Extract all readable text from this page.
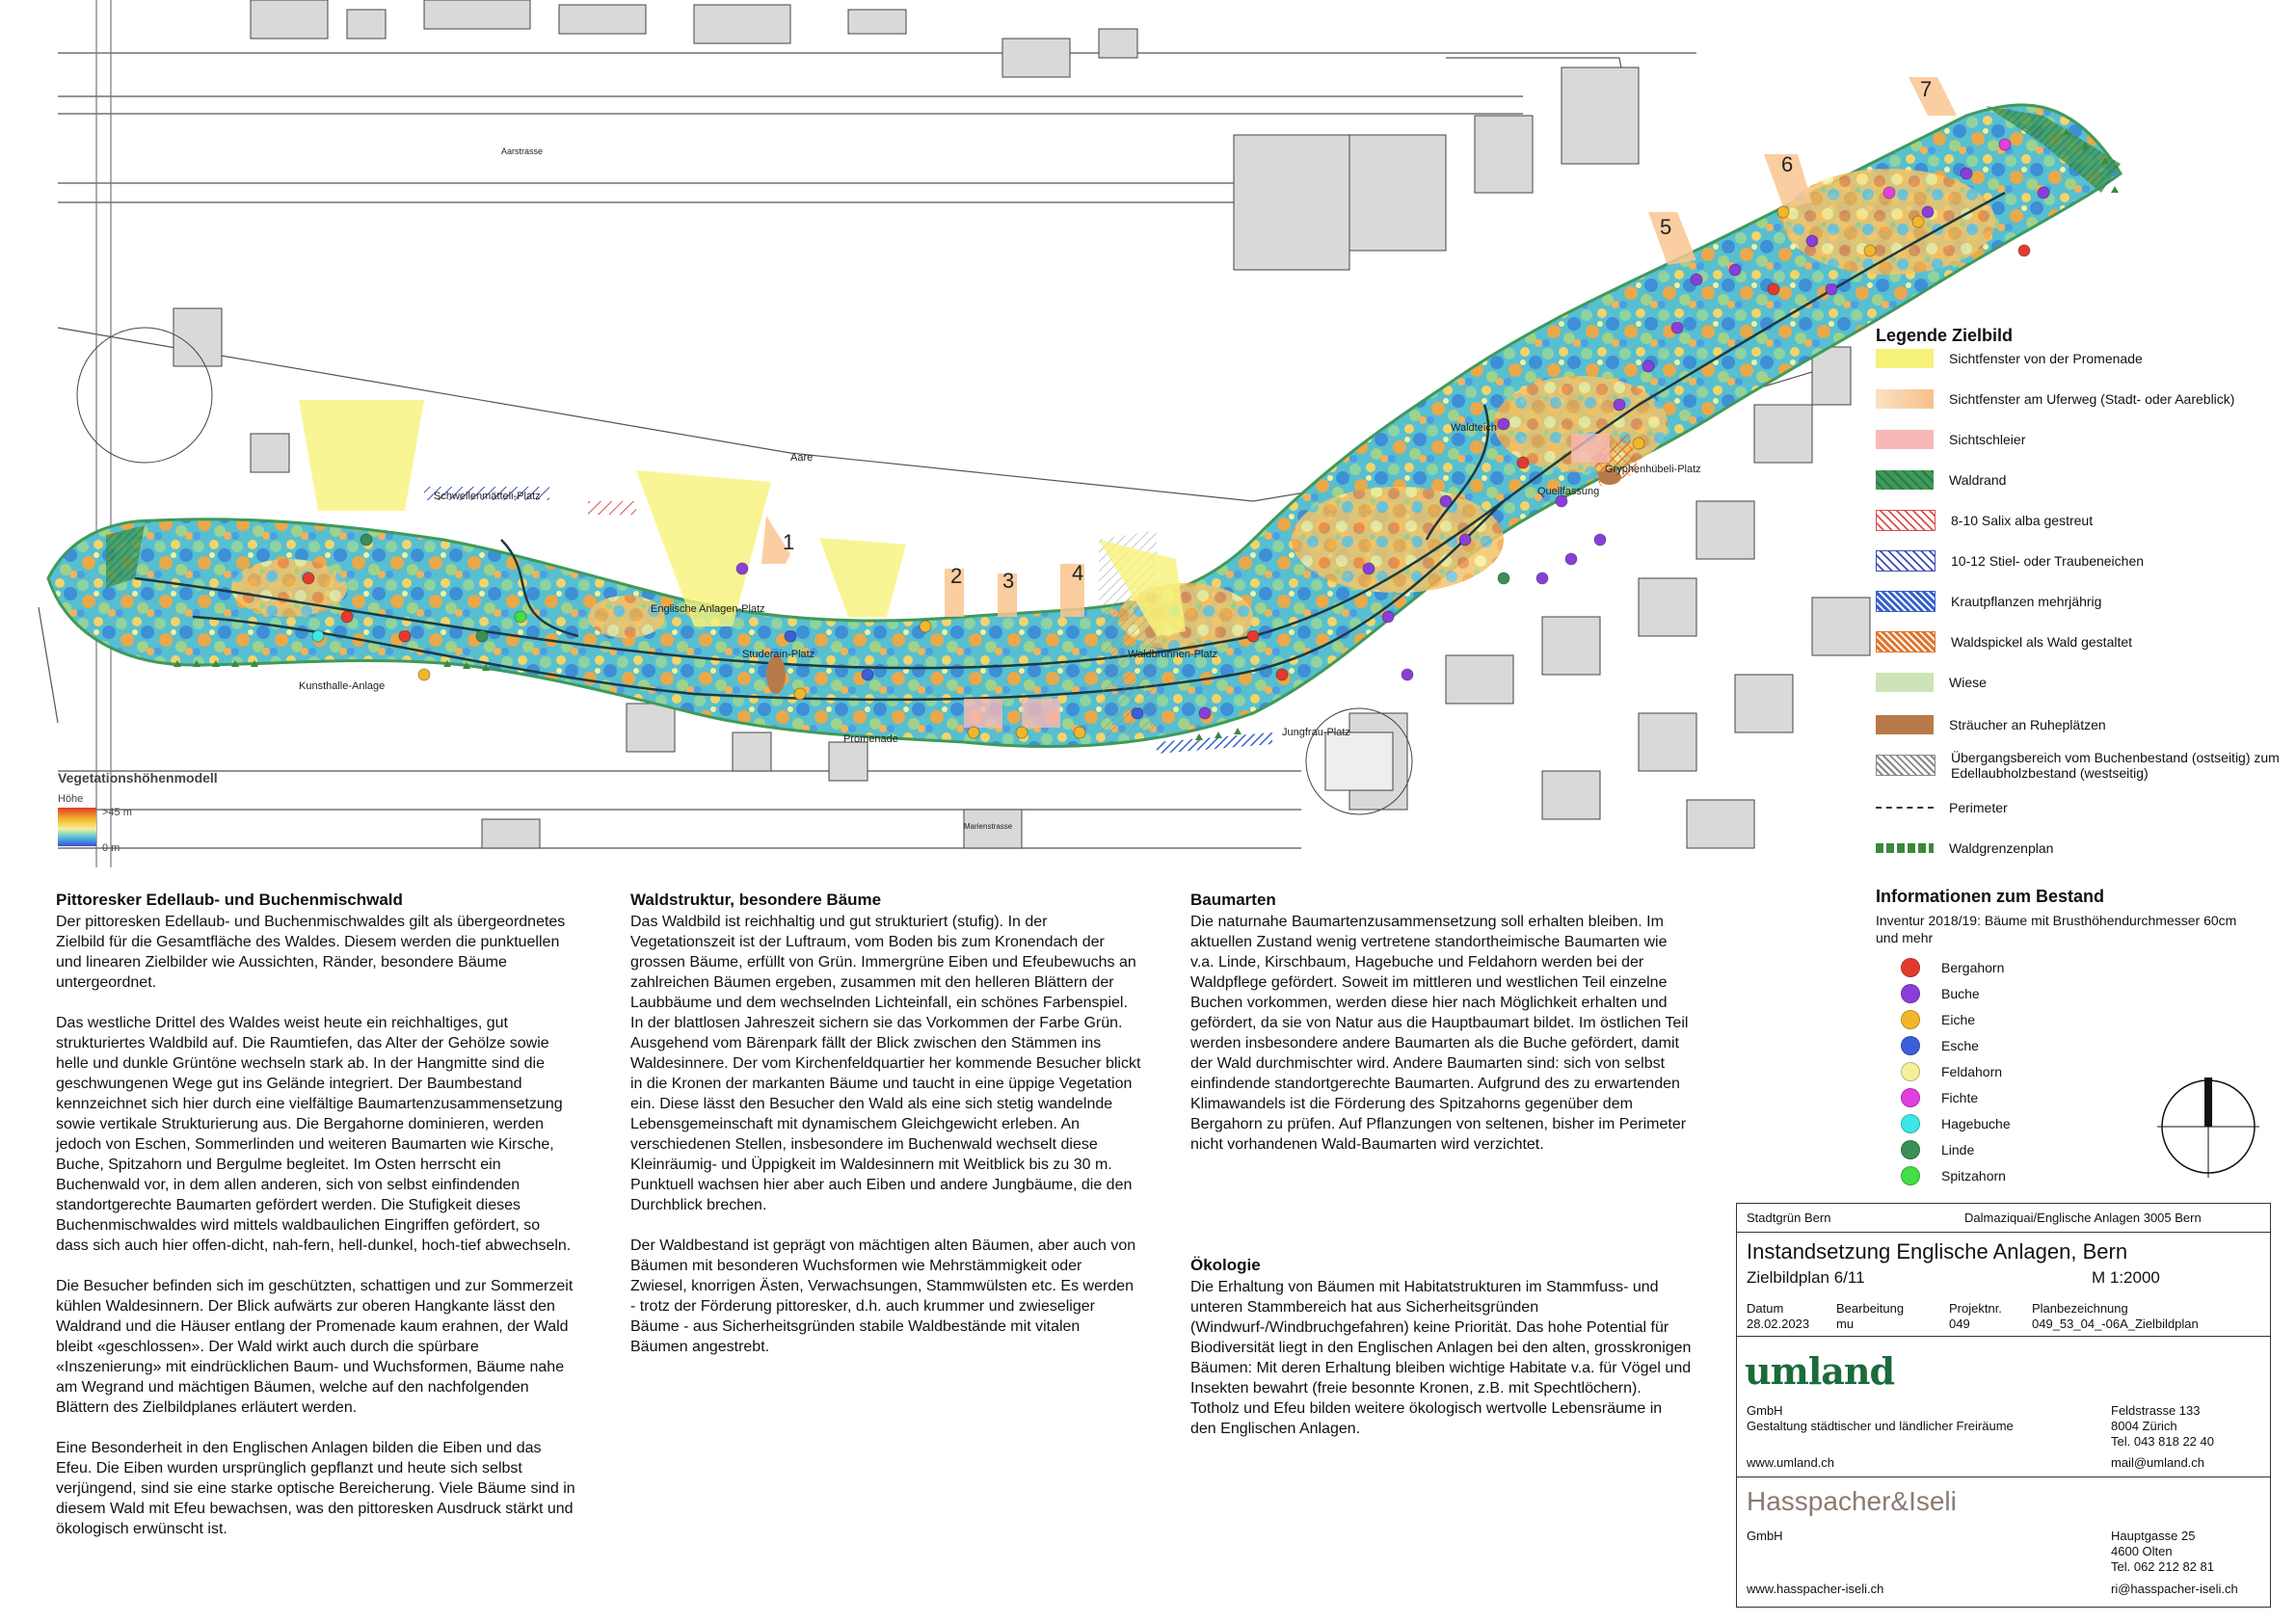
1
2 3	4
5
6
7
Aare
Aarstrasse
Schwellenmätteli-Platz
Englische Anlagen-Platz
Studerain-Platz
Kunsthalle-Anlage
Promenade
Waldbrunnen-Platz
Jungfrau-Platz
Waldteich
Quellfassung
Gryphenhübeli-Platz
Marienstrasse
Vegetationshöhenmodell
Höhe
>45 m
0 m
Legende Zielbild
Sichtfenster von der Promenade
Sichtfenster am Uferweg (Stadt- oder Aareblick)
Sichtschleier
Waldrand
8-10 Salix alba gestreut
10-12 Stiel- oder Traubeneichen
Krautpflanzen mehrjährig
Waldspickel als Wald gestaltet
Wiese
Sträucher an Ruheplätzen
Übergangsbereich vom Buchenbestand (ostseitig) zum Edellaubholzbestand (westseitig)
Perimeter
Waldgrenzenplan
Pittoresker Edellaub- und Buchenmischwald

Der pittoresken Edellaub- und Buchenmischwaldes gilt als übergeordnetes Zielbild für die Gesamtfläche des Waldes. Diesem werden die punktuellen und linearen Zielbilder wie Aussichten, Ränder, besondere Bäume untergeordnet.

Das westliche Drittel des Waldes weist heute ein reichhaltiges, gut strukturiertes Waldbild auf. Die Raumtiefen, das Alter der Gehölze sowie helle und dunkle Grüntöne wechseln stark ab. In der Hangmitte sind die geschwungenen Wege gut ins Gelände integriert. Der Baumbestand kennzeichnet sich hier durch eine vielfältige Baumartenzusammensetzung sowie vertikale Strukturierung aus. Die Bergahorne dominieren, werden jedoch von Eschen, Sommerlinden und weiteren Baumarten wie Kirsche, Buche, Spitzahorn und Bergulme begleitet. Im Osten herrscht ein Buchenwald vor, in dem allen anderen, sich von selbst einfindenden standortgerechte Baumarten gefördert werden. Die Stufigkeit dieses Buchenmischwaldes wird mittels waldbaulichen Eingriffen gefördert, so dass sich auch hier offen-dicht, nah-fern, hell-dunkel, hoch-tief abwechseln.

Die Besucher befinden sich im geschützten, schattigen und zur Sommerzeit kühlen Waldesinnern. Der Blick aufwärts zur oberen Hangkante lässt den Waldrand und die Häuser entlang der Promenade kaum erahnen, der Wald bleibt «geschlossen». Der Wald wirkt auch durch die spürbare «Inszenierung» mit eindrücklichen Baum- und Wuchsformen, Bäume nahe am Wegrand und mächtigen Bäumen, welche auf den nachfolgenden Blättern des Zielbildplanes erläutert werden.

Eine Besonderheit in den Englischen Anlagen bilden die Eiben und das Efeu. Die Eiben wurden ursprünglich gepflanzt und heute sich selbst verjüngend, sind sie eine starke optische Bereicherung. Viele Bäume sind in diesem Wald mit Efeu bewachsen, was den pittoresken Ausdruck stärkt und ökologisch erwünscht ist.

Waldstruktur, besondere Bäume

Das Waldbild ist reichhaltig und gut strukturiert (stufig). In der Vegetationszeit ist der Luftraum, vom Boden bis zum Kronendach der grossen Bäume, erfüllt von Grün. Immergrüne Eiben und Efeubewuchs an zahlreichen Bäumen ergeben, zusammen mit den helleren Blättern der Laubbäume und dem wechselnden Lichteinfall, ein schönes Farbenspiel. In der blattlosen Jahreszeit sichern sie das Vorkommen der Farbe Grün. Ausgehend vom Bärenpark fällt der Blick zwischen den Stämmen ins Waldesinnere. Der vom Kirchenfeldquartier her kommende Besucher blickt in die Kronen der markanten Bäume und taucht in eine üppige Vegetation ein. Diese lässt den Besucher den Wald als eine sich stetig wandelnde Lebensgemeinschaft mit dynamischem Gleichgewicht erleben. An verschiedenen Stellen, insbesondere im Buchenwald wechselt diese Kleinräumig- und Üppigkeit im Waldesinnern mit Weitblick bis zu 30 m. Punktuell wachsen hier aber auch Eiben und andere Jungbäume, die den Durchblick brechen.

Der Waldbestand ist geprägt von mächtigen alten Bäumen, aber auch von Bäumen mit besonderen Wuchsformen wie Mehrstämmigkeit oder Zwiesel, knorrigen Ästen, Verwachsungen, Stammwülsten etc. Es werden - trotz der Förderung pittoresker, d.h. auch krummer und zwieseliger Bäume - aus Sicherheitsgründen stabile Waldbestände mit vitalen Bäumen angestrebt.

Baumarten

Die naturnahe Baumartenzusammensetzung soll erhalten bleiben. Im aktuellen Zustand wenig vertretene standortheimische Baumarten wie v.a. Linde, Kirschbaum, Hagebuche und Feldahorn werden bei der Waldpflege gefördert. Soweit im mittleren und westlichen Teil einzelne Buchen vorkommen, werden diese hier nach Möglichkeit erhalten und gefördert, da sie von Natur aus die Hauptbaumart bildet. Im östlichen Teil werden insbesondere andere Baumarten als die Buche gefördert, damit der Wald durchmischter wird. Andere Baumarten sind: sich von selbst einfindende standortgerechte Baumarten. Aufgrund des zu erwartenden Klimawandels ist die Förderung des Spitzahorns gegenüber dem Bergahorn zu prüfen. Auf Pflanzungen von seltenen, bisher im Perimeter nicht vorhandenen Wald-Baumarten wird verzichtet.

Ökologie

Die Erhaltung von Bäumen mit Habitatstrukturen im Stammfuss- und unteren Stammbereich hat aus Sicherheitsgründen (Windwurf-/Windbruchgefahren) keine Priorität. Das hohe Potential für Biodiversität liegt in den Englischen Anlagen bei den alten, grosskronigen Bäumen: Mit deren Erhaltung bleiben wichtige Habitate v.a. für Vögel und Insekten bewahrt (freie besonnte Kronen, z.B. mit Spechtlöchern). Totholz und Efeu bilden weitere ökologisch wertvolle Lebensräume in den Englischen Anlagen.

Informationen zum Bestand
Inventur 2018/19: Bäume mit Brusthöhendurchmesser 60cm und mehr
Bergahorn
Buche
Eiche
Esche
Feldahorn
Fichte
Hagebuche
Linde
Spitzahorn
Stadtgrün Bern	Dalmaziquai/Englische Anlagen 3005 Bern
Instandsetzung Englische Anlagen, Bern
Zielbildplan 6/11	M 1:2000
Datum
28.02.2023
Bearbeitung
mu
Projektnr.
049
Planbezeichnung
049_53_04_-06A_Zielbildplan
umland
GmbH
Gestaltung städtischer und ländlicher Freiräume
www.umland.ch
Feldstrasse 133
8004 Zürich
Tel. 043 818 22 40
mail@umland.ch
Hasspacher&Iseli
GmbH
www.hasspacher-iseli.ch
Hauptgasse 25
4600 Olten
Tel. 062 212 82 81
ri@hasspacher-iseli.ch
